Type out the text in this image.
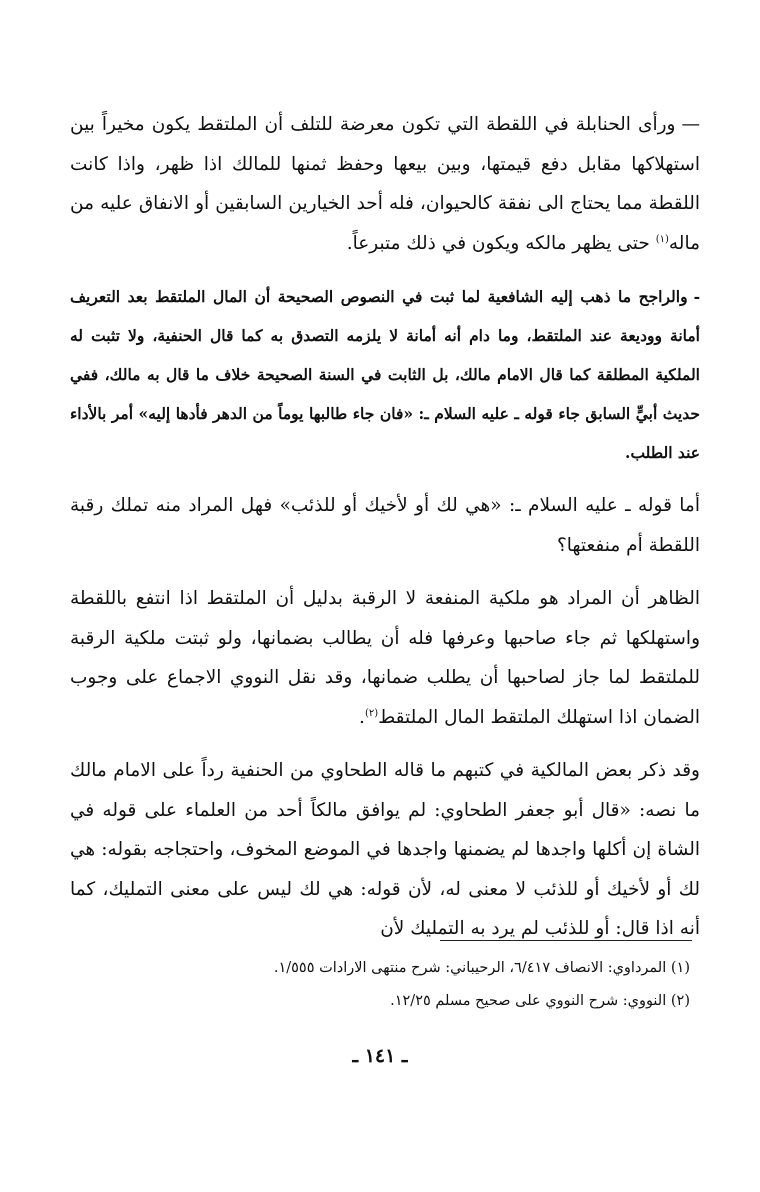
—ورأى الحنابلة في اللقطة التي تكون معرضة للتلف أن الملتقط يكون مخيراً بين استهلاكها مقابل دفع قيمتها، وبين بيعها وحفظ ثمنها للمالك اذا ظهر، واذا كانت اللقطة مما يحتاج الى نفقة كالحيوان، فله أحد الخيارين السابقين أو الانفاق عليه من ماله$^{(١)}$ حتى يظهر مالكه ويكون في ذلك متبرعاً.
-والراجح ما ذهب إليه الشافعية لما ثبت في النصوص الصحيحة أن المال الملتقط بعد التعريف أمانة ووديعة عند الملتقط، وما دام أنه أمانة لا يلزمه التصدق به كما قال الحنفية، ولا تثبت له الملكية المطلقة كما قال الامام مالك، بل الثابت في السنة الصحيحة خلاف ما قال به مالك، ففي حديث أبيٍّ السابق جاء قوله ـ عليه السلام ـ: «فان جاء طالبها يوماً من الدهر فأدها إليه» أمر بالأداء عند الطلب.
أما قوله ـ عليه السلام ـ: «هي لك أو لأخيك أو للذئب» فهل المراد منه تملك رقبة اللقطة أم منفعتها؟
الظاهر أن المراد هو ملكية المنفعة لا الرقبة بدليل أن الملتقط اذا انتفع باللقطة واستهلكها ثم جاء صاحبها وعرفها فله أن يطالب بضمانها، ولو ثبتت ملكية الرقبة للملتقط لما جاز لصاحبها أن يطلب ضمانها، وقد نقل النووي الاجماع على وجوب الضمان اذا استهلك الملتقط المال الملتقط$^{(٢)}$.
وقد ذكر بعض المالكية في كتبهم ما قاله الطحاوي من الحنفية رداً على الامام مالك ما نصه: «قال أبو جعفر الطحاوي: لم يوافق مالكاً أحد من العلماء على قوله في الشاة إن أكلها واجدها لم يضمنها واجدها في الموضع المخوف، واحتجاجه بقوله: هي لك أو لأخيك أو للذئب لا معنى له، لأن قوله: هي لك ليس على معنى التمليك، كما أنه اذا قال: أو للذئب لم يرد به التمليك لأن

(١) المرداوي: الانصاف ٦/٤١٧، الرحيباني: شرح منتهى الارادات ١/٥٥٥.

(٢) النووي: شرح النووي على صحيح مسلم ١٢/٢٥.

ـ ١٤١ ـ
